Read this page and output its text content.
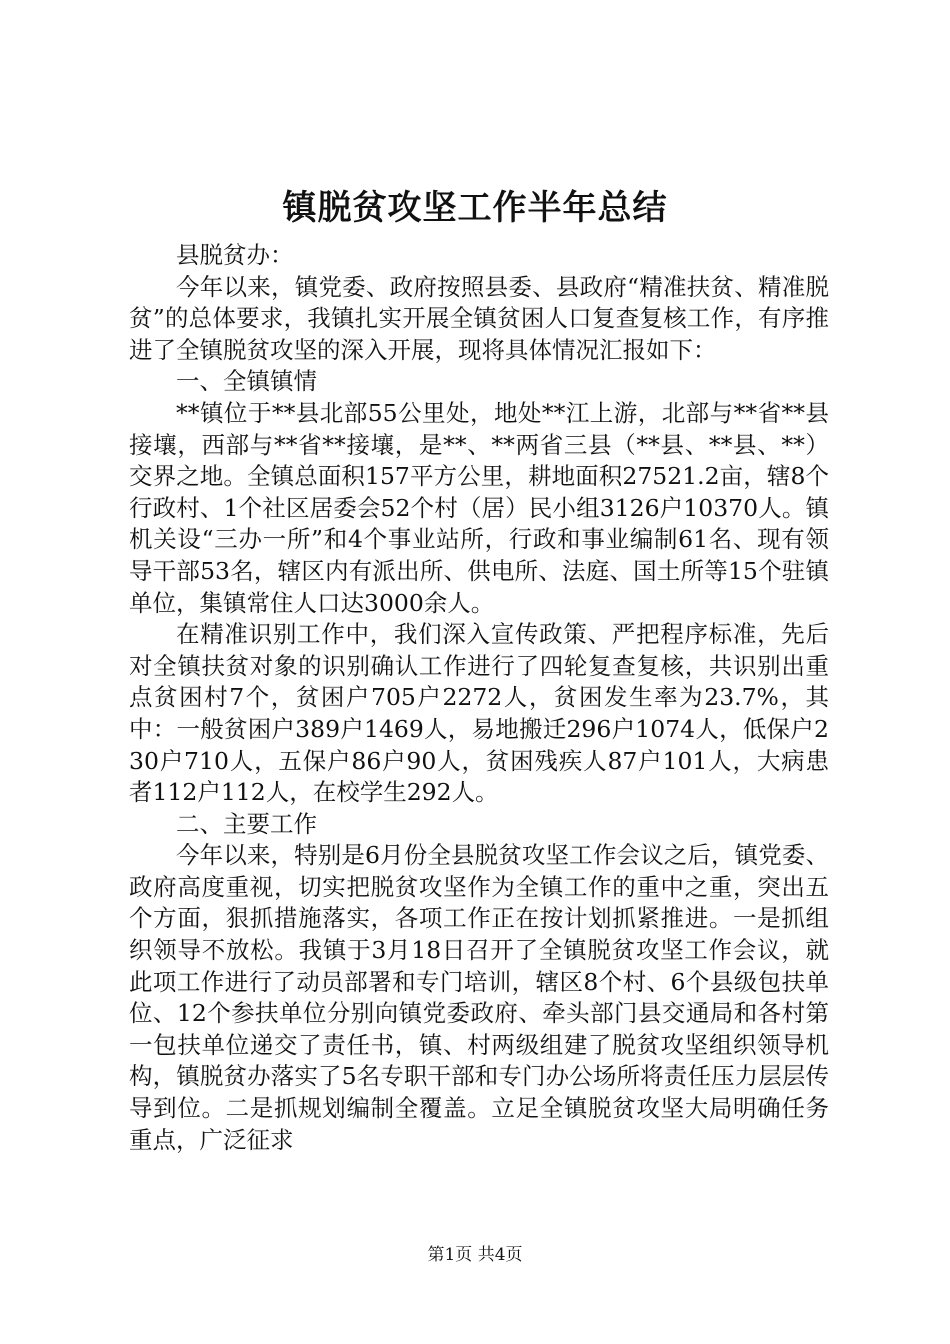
镇脱贫攻坚工作半年总结

县脱贫办：

今年以来，镇党委、政府按照县委、县政府“精准扶贫、精准脱贫”的总体要求，我镇扎实开展全镇贫困人口复查复核工作，有序推进了全镇脱贫攻坚的深入开展，现将具体情况汇报如下：

一、全镇镇情

**镇位于**县北部55公里处，地处**江上游，北部与**省**县接壤，西部与**省**接壤，是**、**两省三县（**县、**县、**）交界之地。全镇总面积157平方公里，耕地面积27521.2亩，辖8个行政村、1个社区居委会52个村（居）民小组3126户10370人。镇机关设“三办一所”和4个事业站所，行政和事业编制61名、现有领导干部53名，辖区内有派出所、供电所、法庭、国土所等15个驻镇单位，集镇常住人口达3000余人。

在精准识别工作中，我们深入宣传政策、严把程序标准，先后对全镇扶贫对象的识别确认工作进行了四轮复查复核，共识别出重点贫困村7个，贫困户705户2272人，贫困发生率为23.7%，其中：一般贫困户389户1469人，易地搬迁296户1074人，低保户230户710人，五保户86户90人，贫困残疾人87户101人，大病患者112户112人，在校学生292人。

二、主要工作

今年以来，特别是6月份全县脱贫攻坚工作会议之后，镇党委、政府高度重视，切实把脱贫攻坚作为全镇工作的重中之重，突出五个方面，狠抓措施落实，各项工作正在按计划抓紧推进。一是抓组织领导不放松。我镇于3月18日召开了全镇脱贫攻坚工作会议，就此项工作进行了动员部署和专门培训，辖区8个村、6个县级包扶单位、12个参扶单位分别向镇党委政府、牵头部门县交通局和各村第一包扶单位递交了责任书，镇、村两级组建了脱贫攻坚组织领导机构，镇脱贫办落实了5名专职干部和专门办公场所将责任压力层层传导到位。二是抓规划编制全覆盖。立足全镇脱贫攻坚大局明确任务重点，广泛征求

第1页 共4页
